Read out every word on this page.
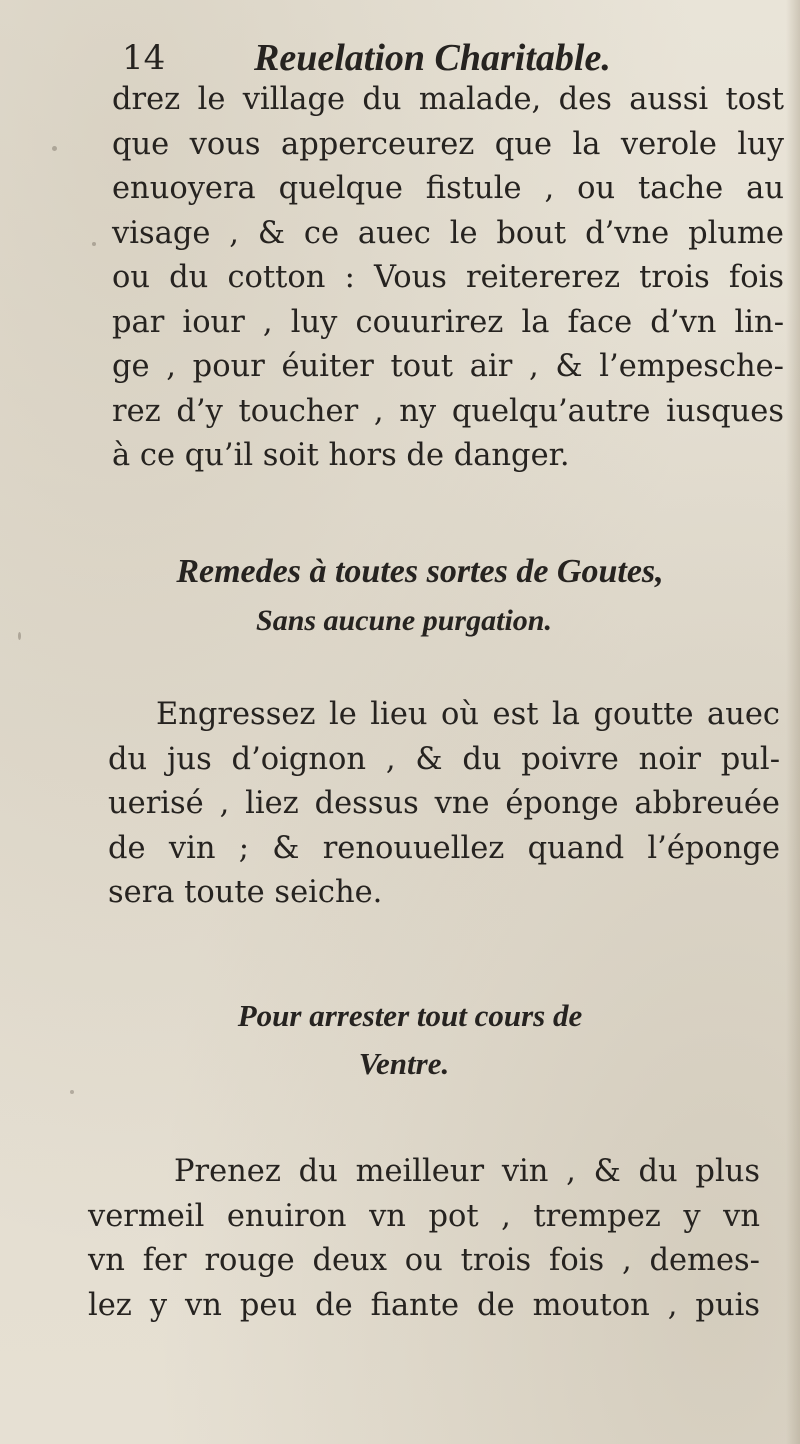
14 Reuelation Charitable.
drez le village du malade, des aussi tost
que vous apperceurez que la verole luy
enuoyera quelque fistule , ou tache au
visage , & ce auec le bout d’vne plume
ou du cotton : Vous reitererez trois fois
par iour , luy couurirez la face d’vn lin-
ge , pour éuiter tout air , & l’empesche-
rez d’y toucher , ny quelqu’autre iusques
à ce qu’il soit hors de danger.
Remedes à toutes sortes de Goutes,
Sans aucune purgation.
Engressez le lieu où est la goutte auec
du jus d’oignon , & du poivre noir pul-
uerisé , liez dessus vne éponge abbreuée
de vin ; & renouuellez quand l’éponge
sera toute seiche.
Pour arrester tout cours de
Ventre.
Prenez du meilleur vin , & du plus
vermeil enuiron vn pot , trempez y vn
vn fer rouge deux ou trois fois , demes-
lez y vn peu de fiante de mouton , puis
